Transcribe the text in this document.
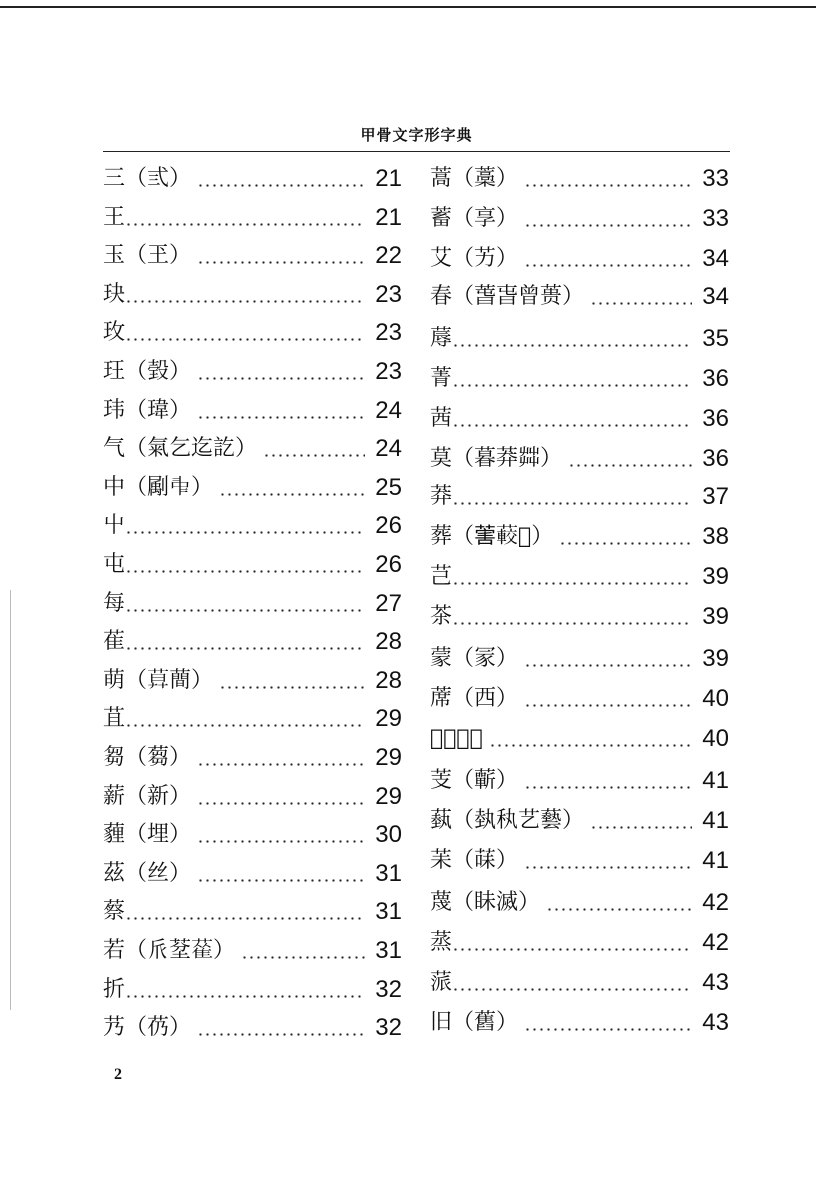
甲骨文字形字典
三（弎）	21
王	21
玉（玊）	22
玦	23
玫	23
玨（㲄）	23
玮（瑋）	24
气（氣乞迄訖）	24
中（㔉𠁩）	25
屮	26
屯	26
每	27
萑	28
萌（𦱤蕳）	28
苴	29
芻（蒭）	29
薪（新）	29
薶（埋）	30
茲（丝）	31
蔡	31
若（𠂢𦯀𦻃）	31
折	32
艿（芿）	32
蒿（藁）	33
蓄（享）	33
艾（艻）	34
春（萅旾曾蒉）	34
蓐	35
菁	36
茜	36
莫（暮莽茻）	36
莽	37
葬（𦵯𦽨𦸿）	38
芑	39
茶	39
蒙（冡）	39
蓆（西）	40
𧆞（𧆢）	40
芰（蘄）	41
蓺（埶秇艺藝）	41
苿（菋）	41
蔑（眛滅）	42
蒸	42
蒎	43
旧（舊）	43
2
